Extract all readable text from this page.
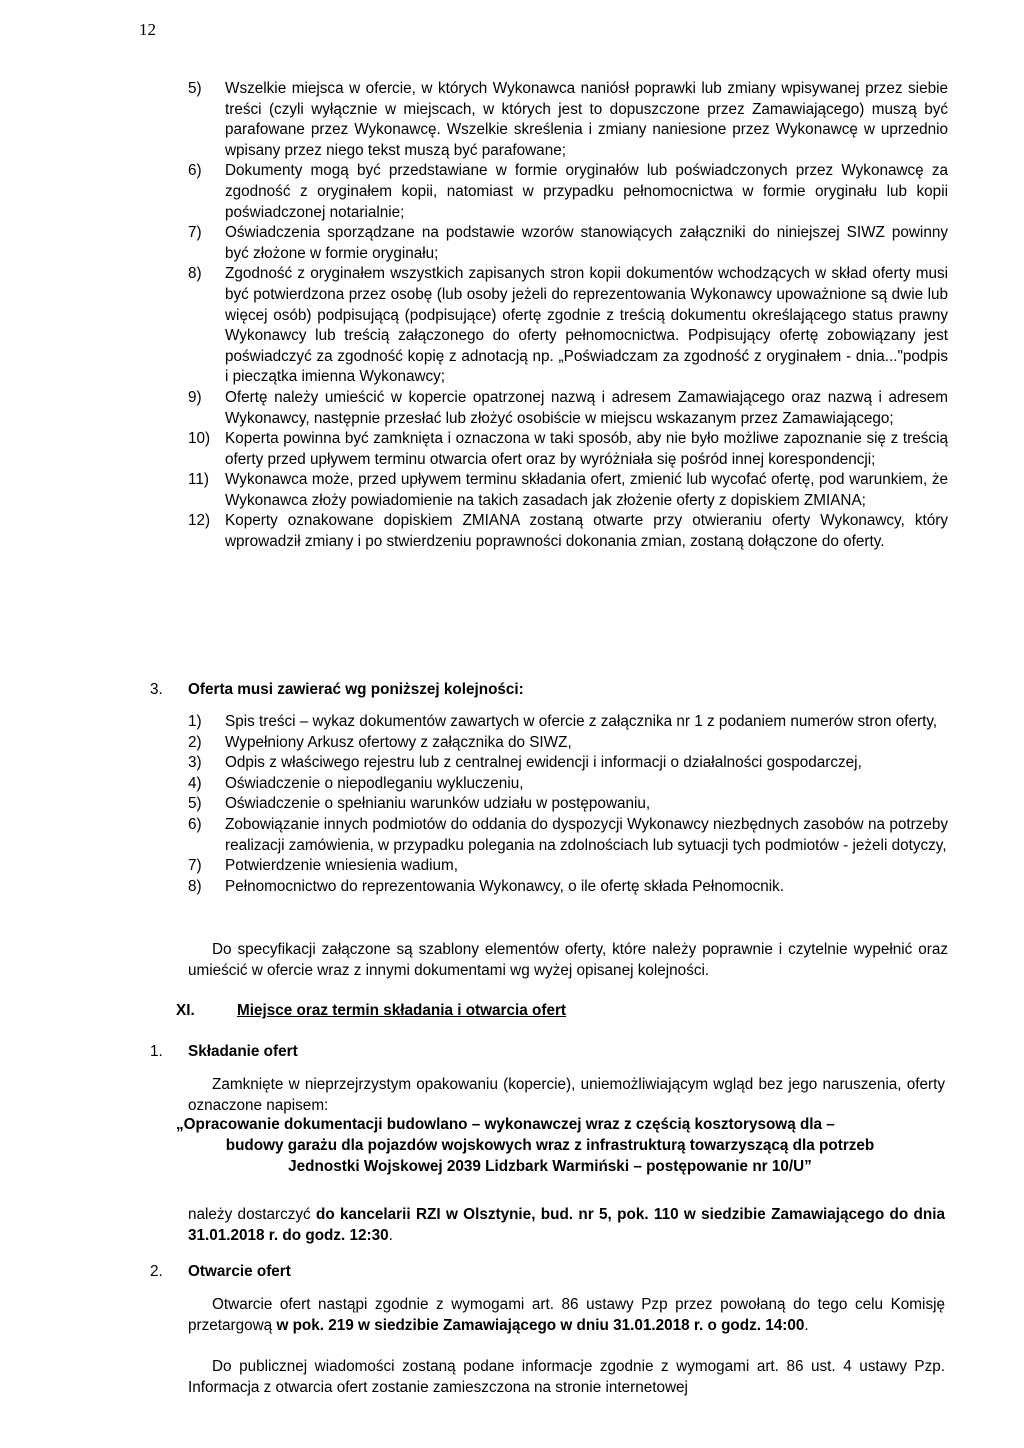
12
5)	Wszelkie miejsca w ofercie, w których Wykonawca naniósł poprawki lub zmiany wpisywanej przez siebie treści (czyli wyłącznie w miejscach, w których jest to dopuszczone przez Zamawiającego) muszą być parafowane przez Wykonawcę. Wszelkie skreślenia i zmiany naniesione przez Wykonawcę w uprzednio wpisany przez niego tekst muszą być parafowane;
6)	Dokumenty mogą być przedstawiane w formie oryginałów lub poświadczonych przez Wykonawcę za zgodność z oryginałem kopii, natomiast w przypadku pełnomocnictwa w formie oryginału lub kopii poświadczonej notarialnie;
7)	Oświadczenia sporządzane na podstawie wzorów stanowiących załączniki do niniejszej SIWZ powinny być złożone w formie oryginału;
8)	Zgodność z oryginałem wszystkich zapisanych stron kopii dokumentów wchodzących w skład oferty musi być potwierdzona przez osobę (lub osoby jeżeli do reprezentowania Wykonawcy upoważnione są dwie lub więcej osób) podpisującą (podpisujące) ofertę zgodnie z treścią dokumentu określającego status prawny Wykonawcy lub treścią załączonego do oferty pełnomocnictwa. Podpisujący ofertę zobowiązany jest poświadczyć za zgodność kopię z adnotacją np. „Poświadczam za zgodność z oryginałem - dnia..."podpis i pieczątka imienna Wykonawcy;
9)	Ofertę należy umieścić w kopercie opatrzonej nazwą i adresem Zamawiającego oraz nazwą i adresem Wykonawcy, następnie przesłać lub złożyć osobiście w miejscu wskazanym przez Zamawiającego;
10) Koperta powinna być zamknięta i oznaczona w taki sposób, aby nie było możliwe zapoznanie się z treścią oferty przed upływem terminu otwarcia ofert oraz by wyróżniała się pośród innej korespondencji;
11)	Wykonawca może, przed upływem terminu składania ofert, zmienić lub wycofać ofertę, pod warunkiem, że Wykonawca złoży powiadomienie na takich zasadach jak złożenie oferty z dopiskiem ZMIANA;
12) Koperty oznakowane dopiskiem ZMIANA zostaną otwarte przy otwieraniu oferty Wykonawcy, który wprowadził zmiany i po stwierdzeniu poprawności dokonania zmian, zostaną dołączone do oferty.
3. Oferta musi zawierać wg poniższej kolejności:
1)	Spis treści – wykaz dokumentów zawartych w ofercie z załącznika nr 1 z podaniem numerów stron oferty,
2)	Wypełniony Arkusz ofertowy z załącznika do SIWZ,
3)	Odpis z właściwego rejestru lub z centralnej ewidencji i informacji o działalności gospodarczej,
4)	Oświadczenie o niepodleganiu wykluczeniu,
5)	Oświadczenie o spełnianiu warunków udziału w postępowaniu,
6)	Zobowiązanie innych podmiotów do oddania do dyspozycji Wykonawcy niezbędnych zasobów na potrzeby realizacji zamówienia, w przypadku polegania na zdolnościach lub sytuacji tych podmiotów - jeżeli dotyczy,
7)	Potwierdzenie wniesienia wadium,
8)	Pełnomocnictwo do reprezentowania Wykonawcy, o ile ofertę składa Pełnomocnik.
Do specyfikacji załączone są szablony elementów oferty, które należy poprawnie i czytelnie wypełnić oraz umieścić w ofercie wraz z innymi dokumentami wg wyżej opisanej kolejności.
XI.	Miejsce oraz termin składania i otwarcia ofert
1. Składanie ofert
Zamknięte w nieprzejrzystym opakowaniu (kopercie), uniemożliwiającym wgląd bez jego naruszenia, oferty oznaczone napisem:
„Opracowanie dokumentacji budowlano – wykonawczej wraz z częścią kosztorysową dla –
budowy garażu dla pojazdów wojskowych wraz z infrastrukturą towarzyszącą dla potrzeb
Jednostki Wojskowej 2039 Lidzbark Warmiński – postępowanie nr 10/U”
należy dostarczyć do kancelarii RZI w Olsztynie, bud. nr 5, pok. 110 w siedzibie Zamawiającego do dnia 31.01.2018 r. do godz. 12:30.
2. Otwarcie ofert
Otwarcie ofert nastąpi zgodnie z wymogami art. 86 ustawy Pzp przez powołaną do tego celu Komisję przetargową w pok. 219 w siedzibie Zamawiającego w dniu 31.01.2018 r. o godz. 14:00.
Do publicznej wiadomości zostaną podane informacje zgodnie z wymogami art. 86 ust. 4 ustawy Pzp. Informacja z otwarcia ofert zostanie zamieszczona na stronie internetowej
